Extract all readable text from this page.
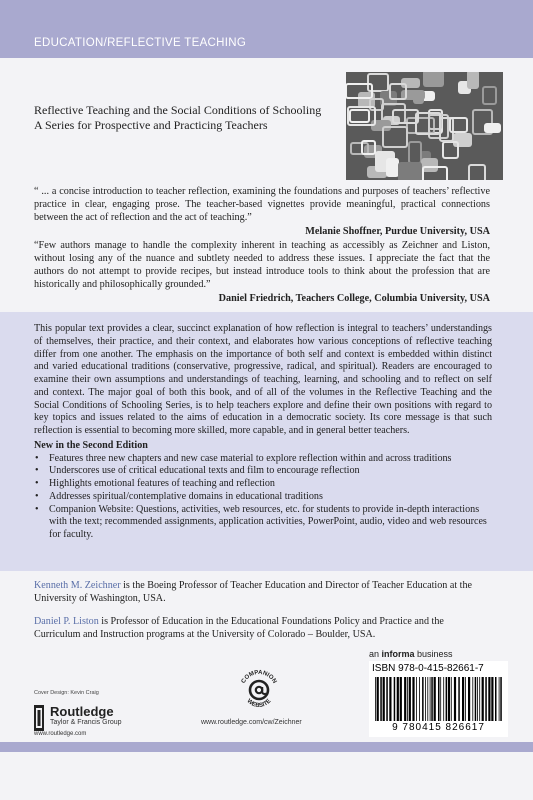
EDUCATION/REFLECTIVE TEACHING
Reflective Teaching and the Social Conditions of Schooling
A Series for Prospective and Practicing Teachers

“ ... a concise introduction to teacher reflection, examining the foundations and purposes of teachers’ reflective practice in clear, engaging prose. The teacher-based vignettes provide meaningful, practical connections between the act of reflection and the act of teaching.”

Melanie Shoffner, Purdue University, USA

“Few authors manage to handle the complexity inherent in teaching as accessibly as Zeichner and Liston, without losing any of the nuance and subtlety needed to address these issues. I appreciate the fact that the authors do not attempt to provide recipes, but instead introduce tools to think about the profession that are historically and philosophically grounded.”

Daniel Friedrich, Teachers College, Columbia University, USA

This popular text provides a clear, succinct explanation of how reflection is integral to teachers’ understandings of themselves, their practice, and their context, and elaborates how various conceptions of reflective teaching differ from one another. The emphasis on the importance of both self and context is embedded within distinct and varied educational traditions (conservative, progressive, radical, and spiritual). Readers are encouraged to examine their own assumptions and understandings of teaching, learning, and schooling and to reflect on self and context. The major goal of both this book, and of all of the volumes in the Reflective Teaching and the Social Conditions of Schooling Series, is to help teachers explore and define their own positions with regard to key topics and issues related to the aims of education in a democratic society. Its core message is that such reflection is essential to becoming more skilled, more capable, and in general better teachers.
New in the Second Edition
• Features three new chapters and new case material to explore reflection within and across traditions
• Underscores use of critical educational texts and film to encourage reflection
• Highlights emotional features of teaching and reflection
• Addresses spiritual/contemplative domains in educational traditions
• Companion Website: Questions, activities, web resources, etc. for students to provide in-depth interactions with the text; recommended assignments, application activities, PowerPoint, audio, video and web resources for faculty.

Kenneth M. Zeichner is the Boeing Professor of Teacher Education and Director of Teacher Education at the University of Washington, USA.

Daniel P. Liston is Professor of Education in the Educational Foundations Policy and Practice and the Curriculum and Instruction programs at the University of Colorado – Boulder, USA.

an informa business
ISBN 978-0-415-82661-7
9 780415 826617
Cover Design: Kevin Craig
Routledge
Taylor & Francis Group
www.routledge.com
COMPANION
WEBSITE
www.routledge.com/cw/Zeichner
